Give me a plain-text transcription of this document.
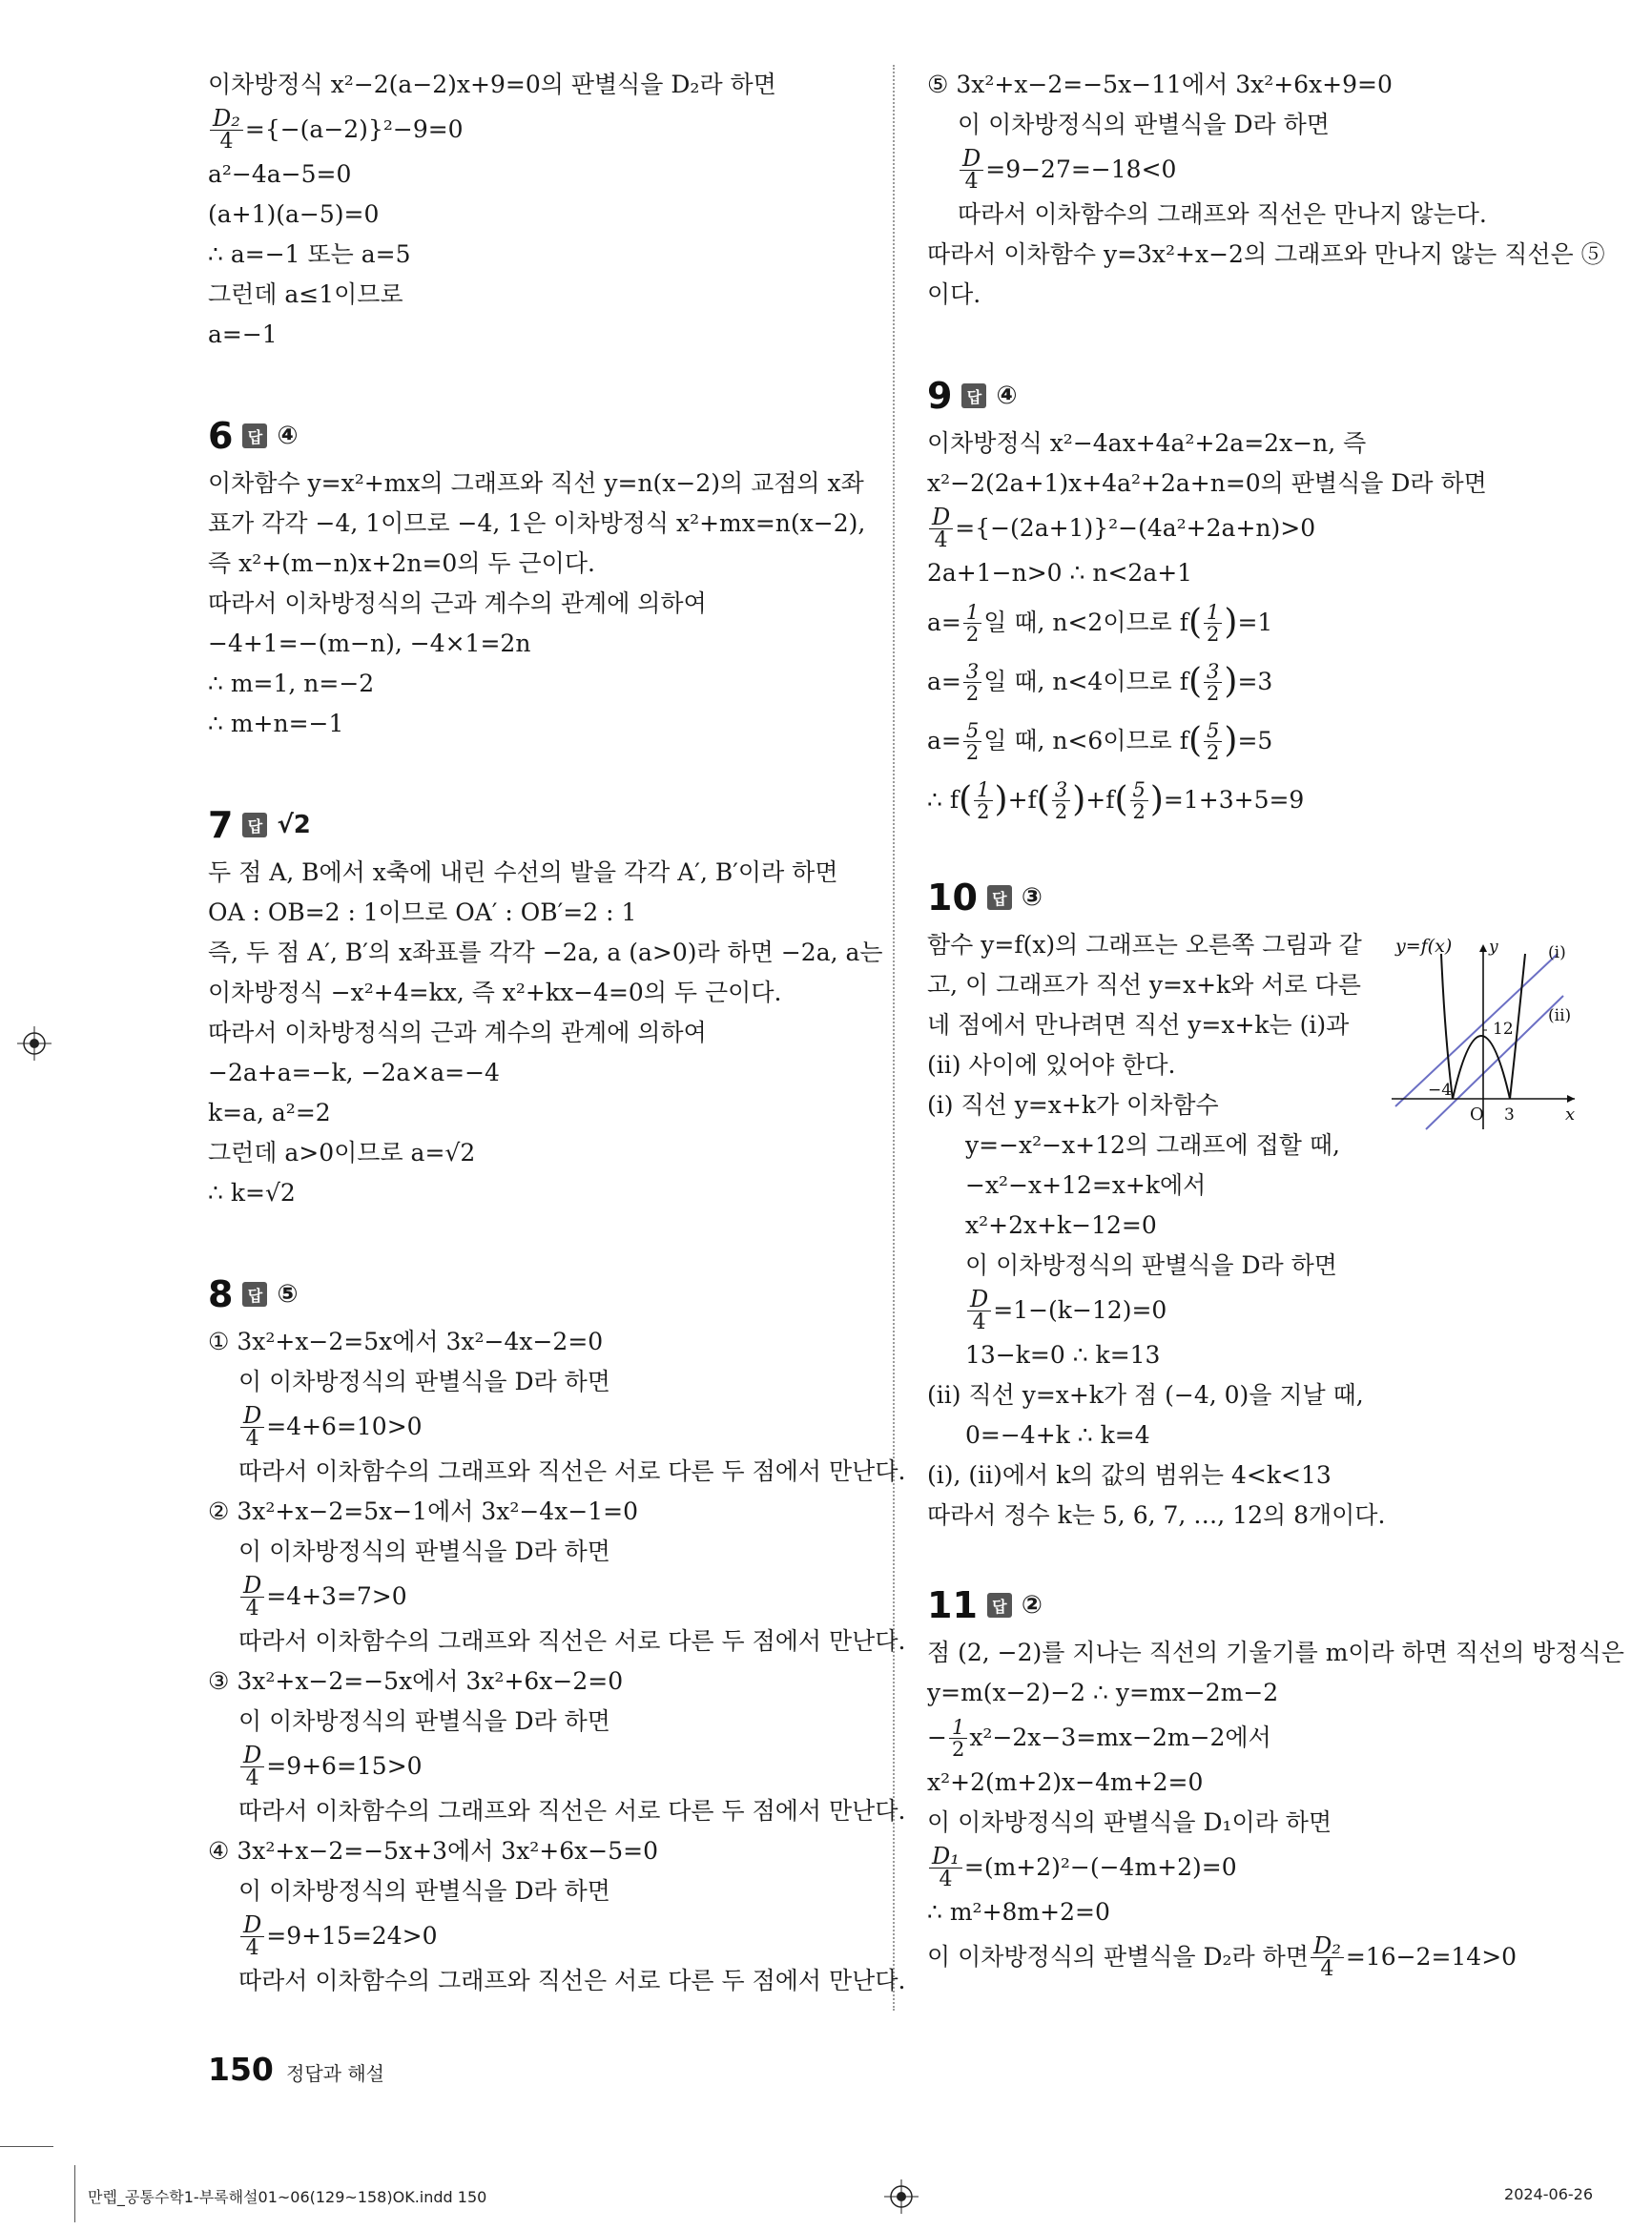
이차방정식 x²−2(a−2)x+9=0의 판별식을 D₂라 하면
$\frac{\text{D₂}}{4} =\{-(a-2)\}^2-9=0$
a²−4a−5=0
(a+1)(a−5)=0
∴ a=−1 또는 a=5
그런데 a≤1이므로
a=−1
6 답 ④
이차함수 y=x²+mx의 그래프와 직선 y=n(x−2)의 교점의 x좌
표가 각각 −4, 1이므로 −4, 1은 이차방정식 x²+mx=n(x−2),
즉 x²+(m−n)x+2n=0의 두 근이다.
따라서 이차방정식의 근과 계수의 관계에 의하여
−4+1=−(m−n), −4×1=2n
∴ m=1, n=−2
∴ m+n=−1
7 답 √2
두 점 A, B에서 x축에 내린 수선의 발을 각각 A′, B′이라 하면
OA : OB=2 : 1이므로 OA′ : OB′=2 : 1
즉, 두 점 A′, B′의 x좌표를 각각 −2a, a (a>0)라 하면 −2a, a는
이차방정식 −x²+4=kx, 즉 x²+kx−4=0의 두 근이다.
따라서 이차방정식의 근과 계수의 관계에 의하여
−2a+a=−k, −2a×a=−4
k=a, a²=2
그런데 a>0이므로 a=√2
∴ k=√2
8 답 ⑤
① 3x²+x−2=5x에서 3x²−4x−2=0
이 이차방정식의 판별식을 D라 하면
$\frac{D}{4} =4+6=10>0$
따라서 이차함수의 그래프와 직선은 서로 다른 두 점에서 만난다.
② 3x²+x−2=5x−1에서 3x²−4x−1=0
이 이차방정식의 판별식을 D라 하면
$\frac{D}{4} =4+3=7>0$
따라서 이차함수의 그래프와 직선은 서로 다른 두 점에서 만난다.
③ 3x²+x−2=−5x에서 3x²+6x−2=0
이 이차방정식의 판별식을 D라 하면
$\frac{D}{4} =9+6=15>0$
따라서 이차함수의 그래프와 직선은 서로 다른 두 점에서 만난다.
④ 3x²+x−2=−5x+3에서 3x²+6x−5=0
이 이차방정식의 판별식을 D라 하면
$\frac{D}{4} =9+15=24>0$
따라서 이차함수의 그래프와 직선은 서로 다른 두 점에서 만난다.
⑤ 3x²+x−2=−5x−11에서 3x²+6x+9=0
이 이차방정식의 판별식을 D라 하면
$\frac{D}{4} =9-27=-18<0$
따라서 이차함수의 그래프와 직선은 만나지 않는다.
따라서 이차함수 y=3x²+x−2의 그래프와 만나지 않는 직선은 ⑤
이다.
9 답 ④
이차방정식 x²−4ax+4a²+2a=2x−n, 즉
x²−2(2a+1)x+4a²+2a+n=0의 판별식을 D라 하면
$\frac{D}{4} =\{-(2a+1)\}^2-(4a^2+2a+n)>0$
2a+1−n>0 ∴ n<2a+1
$a= \frac{1}{2}$ 일 때, n<2이므로 f ( $\frac{1}{2}$ ) =1
$a= \frac{3}{2}$ 일 때, n<4이므로 f ( $\frac{3}{2}$ ) =3
$a= \frac{5}{2}$ 일 때, n<6이므로 f ( $\frac{5}{2}$ ) =5
∴ f ( $\frac{1}{2}$ ) +f ( $\frac{3}{2}$ ) +f ( $\frac{5}{2}$ ) =1+3+5=9
10 답 ③
함수 y=f(x)의 그래프는 오른쪽 그림과 같
고, 이 그래프가 직선 y=x+k와 서로 다른
네 점에서 만나려면 직선 y=x+k는 (i)과
(ii) 사이에 있어야 한다.
(i) 직선 y=x+k가 이차함수
y=−x²−x+12의 그래프에 접할 때,
−x²−x+12=x+k에서
x²+2x+k−12=0
이 이차방정식의 판별식을 D라 하면
$\frac{D}{4} =1-(k-12)=0$
13−k=0 ∴ k=13
(ii) 직선 y=x+k가 점 (−4, 0)을 지날 때,
0=−4+k ∴ k=4
(i), (ii)에서 k의 값의 범위는 4<k<13
따라서 정수 k는 5, 6, 7, …, 12의 8개이다.
11 답 ②
점 (2, −2)를 지나는 직선의 기울기를 m이라 하면 직선의 방정식은
y=m(x−2)−2 ∴ y=mx−2m−2
− $\frac{1}{2} x^2-2x-3=mx-2m-2$에서
x²+2(m+2)x−4m+2=0
이 이차방정식의 판별식을 D₁이라 하면
$\frac{\text{D₁}}{4} =(m+2)^2-(-4m+2)=0$
∴ m²+8m+2=0
이 이차방정식의 판별식을 D₂라 하면 $\frac{\text{D₂}}{4} =16-2=14>0$
y=f(x) y
x
O
−4
3
12
(i)
(ii)
150 정답과 해설
만렙_공통수학1-부록해설01~06(129~158)OK.indd 150	2024-06-26
